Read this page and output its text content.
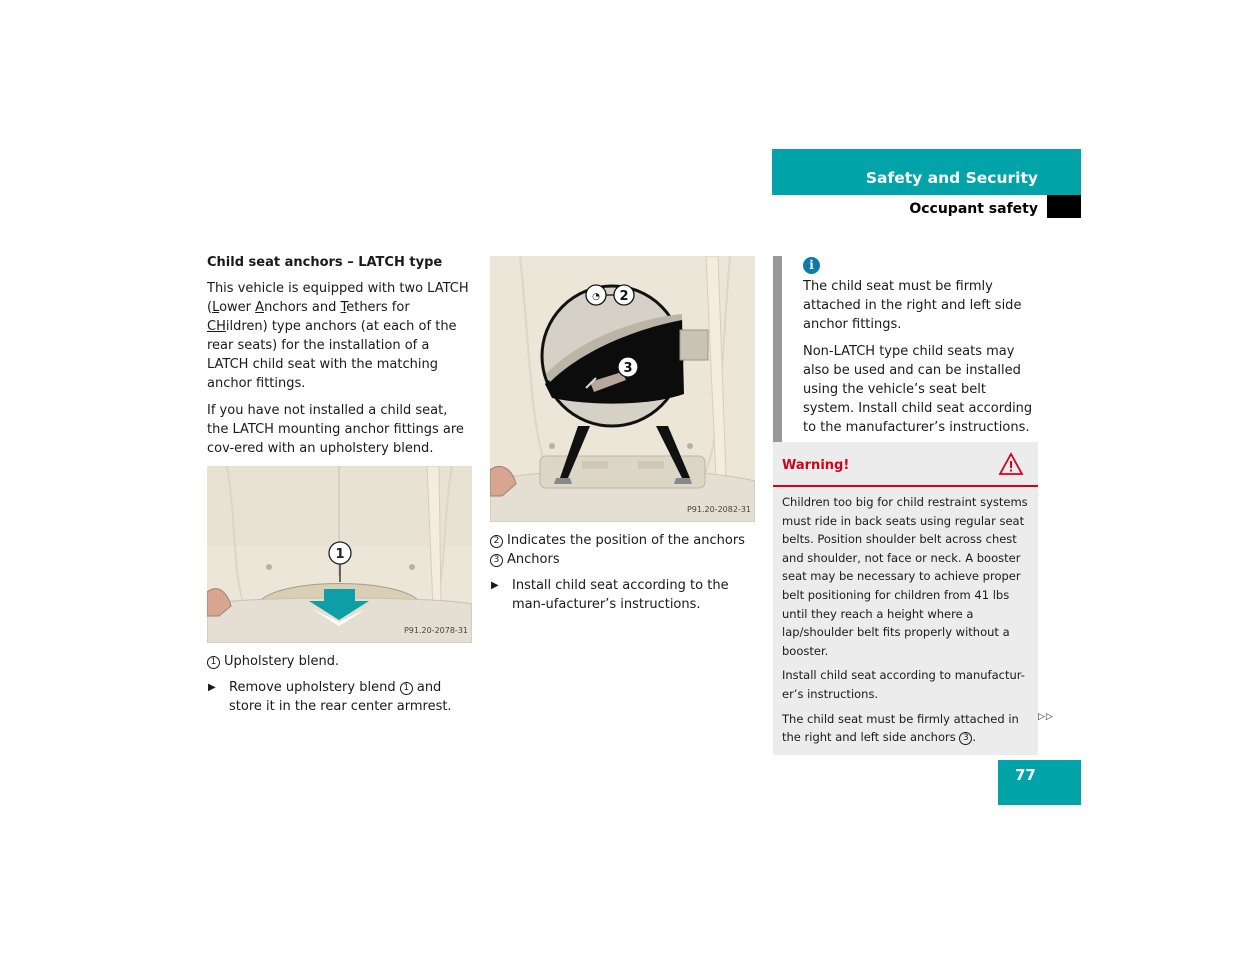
Safety and Security
Occupant safety
Child seat anchors – LATCH type
This vehicle is equipped with two LATCH (Lower Anchors and Tethers for CHildren) type anchors (at each of the rear seats) for the installation of a LATCH child seat with the matching anchor fittings.
If you have not installed a child seat, the LATCH mounting anchor fittings are cov-ered with an upholstery blend.
1
P91.20-2078-31
1 Upholstery blend.
▶ Remove upholstery blend 1 and store it in the rear center armrest.
3
◔ 2
P91.20-2082-31
2 Indicates the position of the anchors
3 Anchors
▶ Install child seat according to the man-ufacturer’s instructions.
i
The child seat must be firmly attached in the right and left side anchor fittings.
Non-LATCH type child seats may also be used and can be installed using the vehicle’s seat belt system. Install child seat according to the manufacturer’s instructions.
Warning!
Children too big for child restraint systems must ride in back seats using regular seat belts. Position shoulder belt across chest and shoulder, not face or neck. A booster seat may be necessary to achieve proper belt positioning for children from 41 lbs until they reach a height where a lap/shoulder belt fits properly without a booster.
Install child seat according to manufactur-er’s instructions.
The child seat must be firmly attached in the right and left side anchors 3 .
▷▷
77
